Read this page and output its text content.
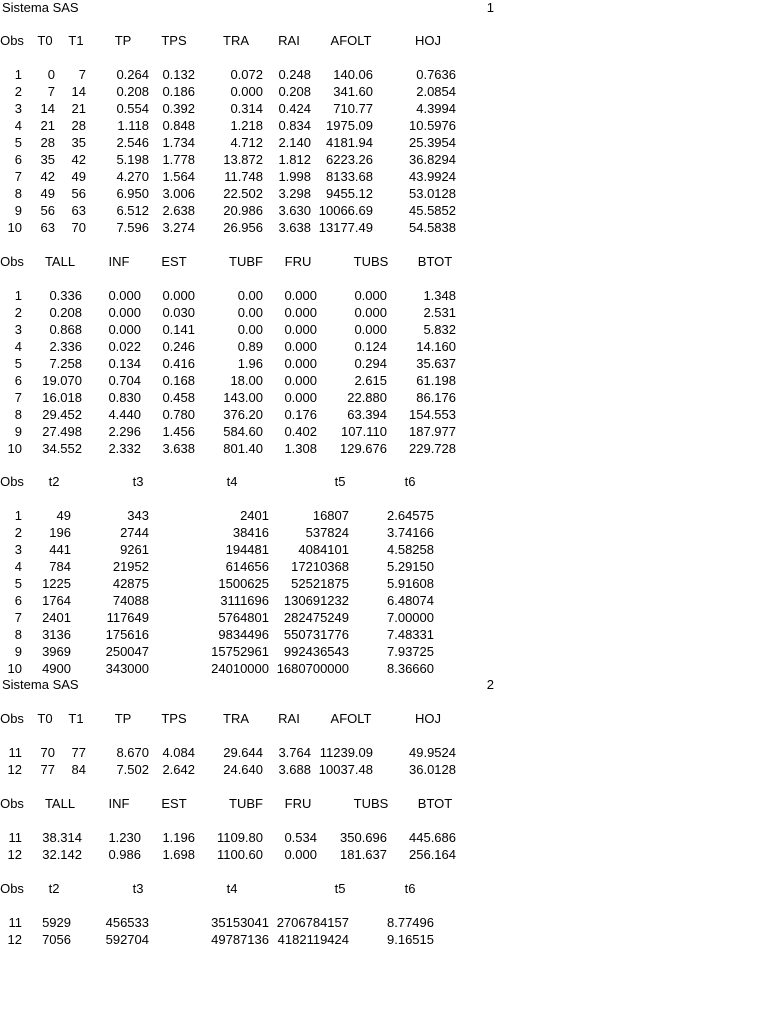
Sistema SAS	1
Obs T0 T1 TP TPS	TRA RAI AFOLT	HOJ
1 0 7 0.264 0.132	0.072 0.248 140.06	0.7636
2 7 14 0.208 0.186	0.000 0.208 341.60	2.0854
3 14 21 0.554 0.392	0.314 0.424 710.77	4.3994
4 21 28 1.118 0.848	1.218 0.834 1975.09	10.5976
5 28 35 2.546 1.734	4.712 2.140 4181.94	25.3954
6 35 42 5.198 1.778 13.872 1.812 6223.26	36.8294
7 42 49 4.270 1.564 11.748 1.998 8133.68	43.9924
8 49 56 6.950 3.006 22.502 3.298 9455.12	53.0128
9 56 63 6.512 2.638 20.986 3.630 10066.69	45.5852
10 63 70 7.596 3.274 26.956 3.638 13177.49	54.5838
Obs TALL	INF EST	TUBF FRU	TUBS BTOT
1 0.336 0.000 0.000	0.00 0.000	0.000	1.348
2 0.208 0.000 0.030	0.00 0.000	0.000	2.531
3 0.868 0.000 0.141	0.00 0.000	0.000	5.832
4 2.336 0.022 0.246	0.89 0.000	0.124 14.160
5 7.258 0.134 0.416	1.96 0.000	0.294 35.637
6 19.070 0.704 0.168	18.00 0.000	2.615 61.198
7 16.018 0.830 0.458 143.00 0.000 22.880 86.176
8 29.452 4.440 0.780 376.20 0.176 63.394 154.553
9 27.498 2.296 1.456 584.60 0.402 107.110 187.977
10 34.552 2.332 3.638 801.40 1.308 129.676 229.728
Obs t2	t3	t4	t5	t6
1	49	343	2401	16807	2.64575
2 196	2744	38416	537824	3.74166
3 441	9261	194481 4084101	4.58258
4 784	21952	614656 17210368	5.29150
5 1225	42875	1500625 52521875	5.91608
6 1764	74088	3111696 130691232	6.48074
7 2401	117649	5764801 282475249	7.00000
8 3136	175616	9834496 550731776	7.48331
9 3969	250047	15752961 992436543	7.93725
10 4900	343000	24010000 1680700000	8.36660
Sistema SAS	2
Obs T0 T1 TP TPS	TRA RAI AFOLT	HOJ
11 70 77 8.670 4.084 29.644 3.764 11239.09	49.9524
12 77 84 7.502 2.642 24.640 3.688 10037.48	36.0128
Obs TALL	INF EST	TUBF FRU	TUBS BTOT
11 38.314 1.230 1.196 1109.80 0.534 350.696 445.686
12 32.142 0.986 1.698 1100.60 0.000 181.637 256.164
Obs t2	t3	t4	t5	t6
11 5929	456533	35153041 2706784157	8.77496
12 7056	592704	49787136 4182119424	9.16515
